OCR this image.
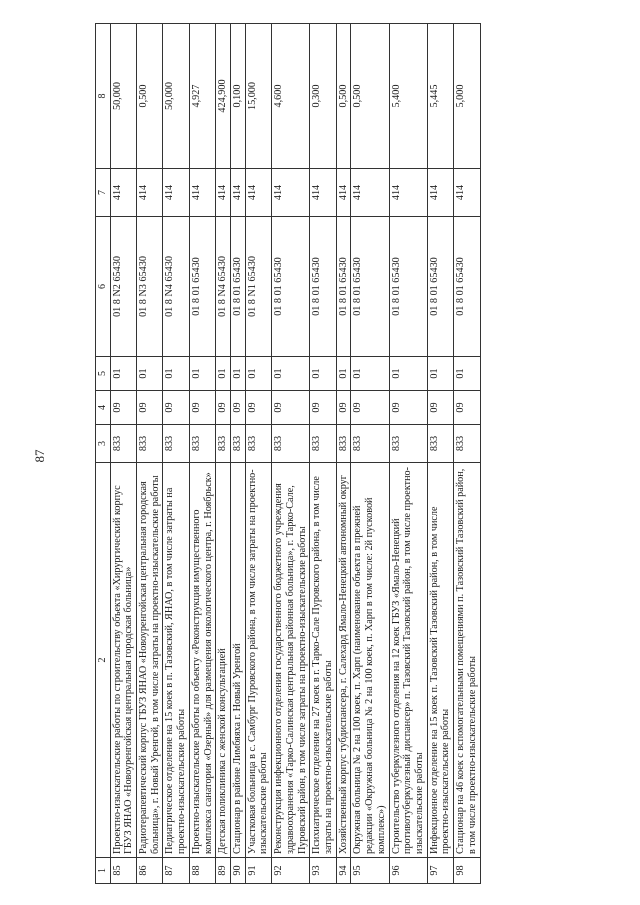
87
1	2	3	4	5	6	7	8
85	Проектно-изыскательские работы по строительству объекта «Хирургический корпус ГБУЗ ЯНАО «Новоуренгойская центральная городская больница»	833	09	01	01 8 N2 65430	414	50,000
86	Радиотерапевтический корпус ГБУЗ ЯНАО «Новоуренгойская центральная городская больница», г. Новый Уренгой, в том числе затраты на проектно-изыскательские работы	833	09	01	01 8 N3 65430	414	0,500
87	Педиатрическое отделение на 15 коек в п. Тазовский, ЯНАО, в том числе затраты на проектно-изыскательские работы	833	09	01	01 8 N4 65430	414	50,000
88	Проектно-изыскательские работы по объекту «Реконструкция имущественного комплекса санатория «Озерный» для размещения онкологического центра, г. Ноябрьск»	833	09	01	01 8 01 65430	414	4,927
89	Детская поликлиника с женской консультацией	833	09	01	01 8 N4 65430	414	424,900
90	Стационар в районе Лимбяяха г. Новый Уренгой	833	09	01	01 8 01 65430	414	0,100
91	Участковая больница в с. Самбург Пуровского района, в том числе затраты на проектно-изыскательские работы	833	09	01	01 8 N1 65430	414	15,000
92	Реконструкция инфекционного отделения государственного бюджетного учреждения здравоохранения «Тарко-Салинская центральная районная больница», г. Тарко-Сале, Пуровский район, в том числе затраты на проектно-изыскательские работы	833	09	01	01 8 01 65430	414	4,600
93	Психиатрическое отделение на 27 коек в г. Тарко-Сале Пуровского района, в том числе затраты на проектно-изыскательские работы	833	09	01	01 8 01 65430	414	0,300
94	Хозяйственный корпус тубдиспансера, г. Салехард Ямало-Ненецкий автономный округ	833	09	01	01 8 01 65430	414	0,500
95	Окружная больница № 2 на 100 коек, п. Харп (наименование объекта в прежней редакции «Окружная больница № 2 на 100 коек, п. Харп в том числе: 2й пусковой комплекс»)	833	09	01	01 8 01 65430	414	0,500
96	Строительство туберкулезного отделения на 12 коек ГБУЗ «Ямало-Ненецкий противотуберкулезный диспансер» п. Тазовский Тазовский район, в том числе проектно-изыскательские работы	833	09	01	01 8 01 65430	414	5,400
97	Инфекционное отделение на 15 коек п. Тазовский Тазовский район, в том числе проектно-изыскательские работы	833	09	01	01 8 01 65430	414	5,445
98	Стационар на 46 коек с вспомогательными помещениями п. Тазовский Тазовский район, в том числе проектно-изыскательские работы	833	09	01	01 8 01 65430	414	5,000
